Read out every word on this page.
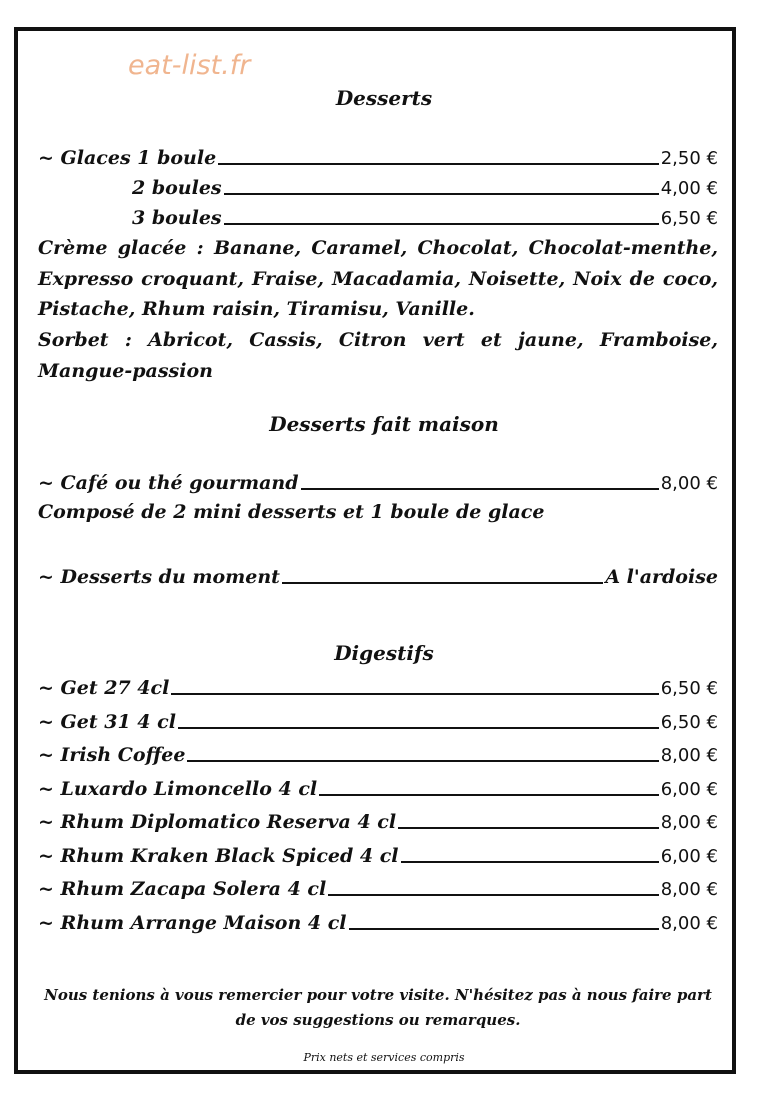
eat-list.fr
Desserts
~ Glaces 1 boule	2,50 €
2 boules	4,00 €
3 boules	6,50 €
Crème glacée : Banane, Caramel, Chocolat, Chocolat-menthe, Expresso croquant, Fraise, Macadamia, Noisette, Noix de coco, Pistache, Rhum raisin, Tiramisu, Vanille.
Sorbet : Abricot, Cassis, Citron vert et jaune, Framboise, Mangue-passion
Desserts fait maison
~ Café ou thé gourmand	8,00 €
Composé de 2 mini desserts et 1 boule de glace
~ Desserts du moment	A l'ardoise
Digestifs
~ Get 27 4cl	6,50 €
~ Get 31 4 cl	6,50 €
~ Irish Coffee	8,00 €
~ Luxardo Limoncello 4 cl	6,00 €
~ Rhum Diplomatico Reserva 4 cl	8,00 €
~ Rhum Kraken Black Spiced 4 cl	6,00 €
~ Rhum Zacapa Solera 4 cl	8,00 €
~ Rhum Arrange Maison 4 cl	8,00 €
Nous tenions à vous remercier pour votre visite. N'hésitez pas à nous faire part de vos suggestions ou remarques.
Prix nets et services compris
